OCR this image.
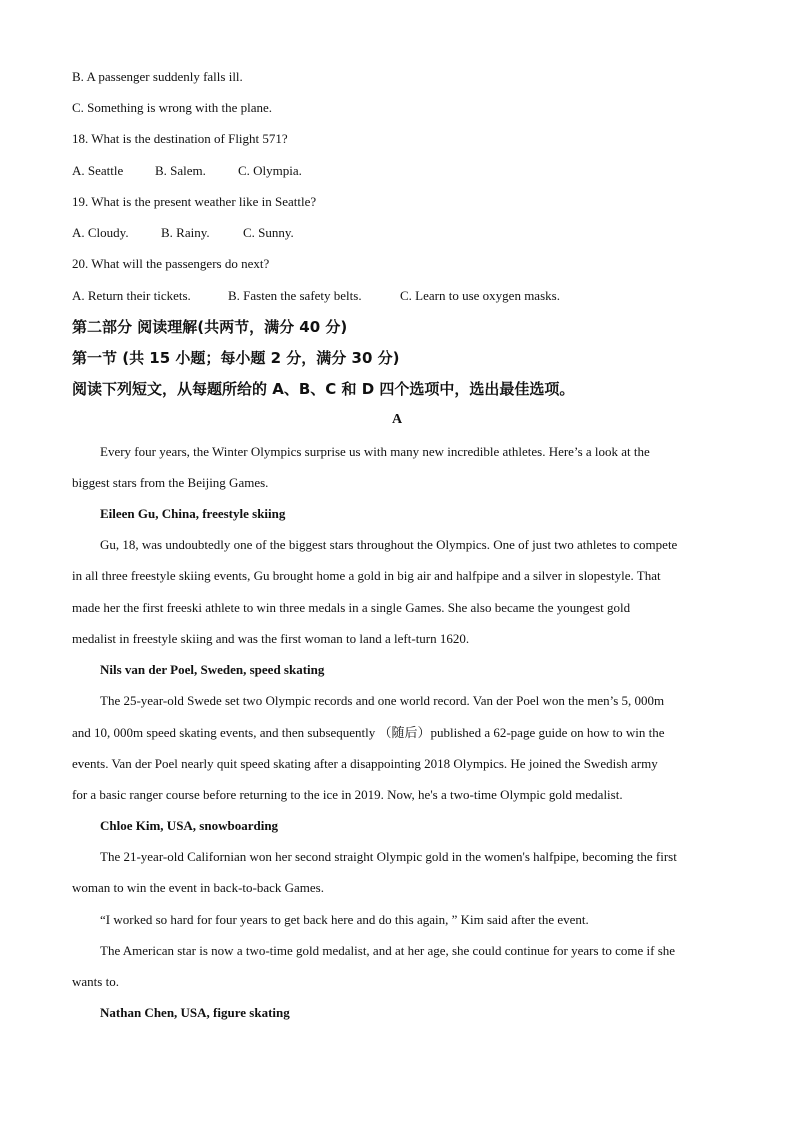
B. A passenger suddenly falls ill.
C. Something is wrong with the plane.
18. What is the destination of Flight 571?
A. Seattle B. Salem. C. Olympia.
19. What is the present weather like in Seattle?
A. Cloudy. B. Rainy.	C. Sunny.
20. What will the passengers do next?
A. Return their tickets.	B. Fasten the safety belts.	C. Learn to use oxygen masks.
第二部分 阅读理解(共两节，满分 40 分)
第一节 (共 15 小题；每小题 2 分，满分 30 分)
阅读下列短文，从每题所给的 A、B、C 和 D 四个选项中，选出最佳选项。
A
Every four years, the Winter Olympics surprise us with many new incredible athletes. Here’s a look at the
biggest stars from the Beijing Games.
Eileen Gu, China, freestyle skiing
Gu, 18, was undoubtedly one of the biggest stars throughout the Olympics. One of just two athletes to compete
in all three freestyle skiing events, Gu brought home a gold in big air and halfpipe and a silver in slopestyle. That
made her the first freeski athlete to win three medals in a single Games. She also became the youngest gold
medalist in freestyle skiing and was the first woman to land a left-turn 1620.
Nils van der Poel, Sweden, speed skating
The 25-year-old Swede set two Olympic records and one world record. Van der Poel won the men’s 5, 000m
and 10, 000m speed skating events, and then subsequently （随后）published a 62-page guide on how to win the
events. Van der Poel nearly quit speed skating after a disappointing 2018 Olympics. He joined the Swedish army
for a basic ranger course before returning to the ice in 2019. Now, he's a two-time Olympic gold medalist.
Chloe Kim, USA, snowboarding
The 21-year-old Californian won her second straight Olympic gold in the women's halfpipe, becoming the first
woman to win the event in back-to-back Games.
“I worked so hard for four years to get back here and do this again, ” Kim said after the event.
The American star is now a two-time gold medalist, and at her age, she could continue for years to come if she
wants to.
Nathan Chen, USA, figure skating
